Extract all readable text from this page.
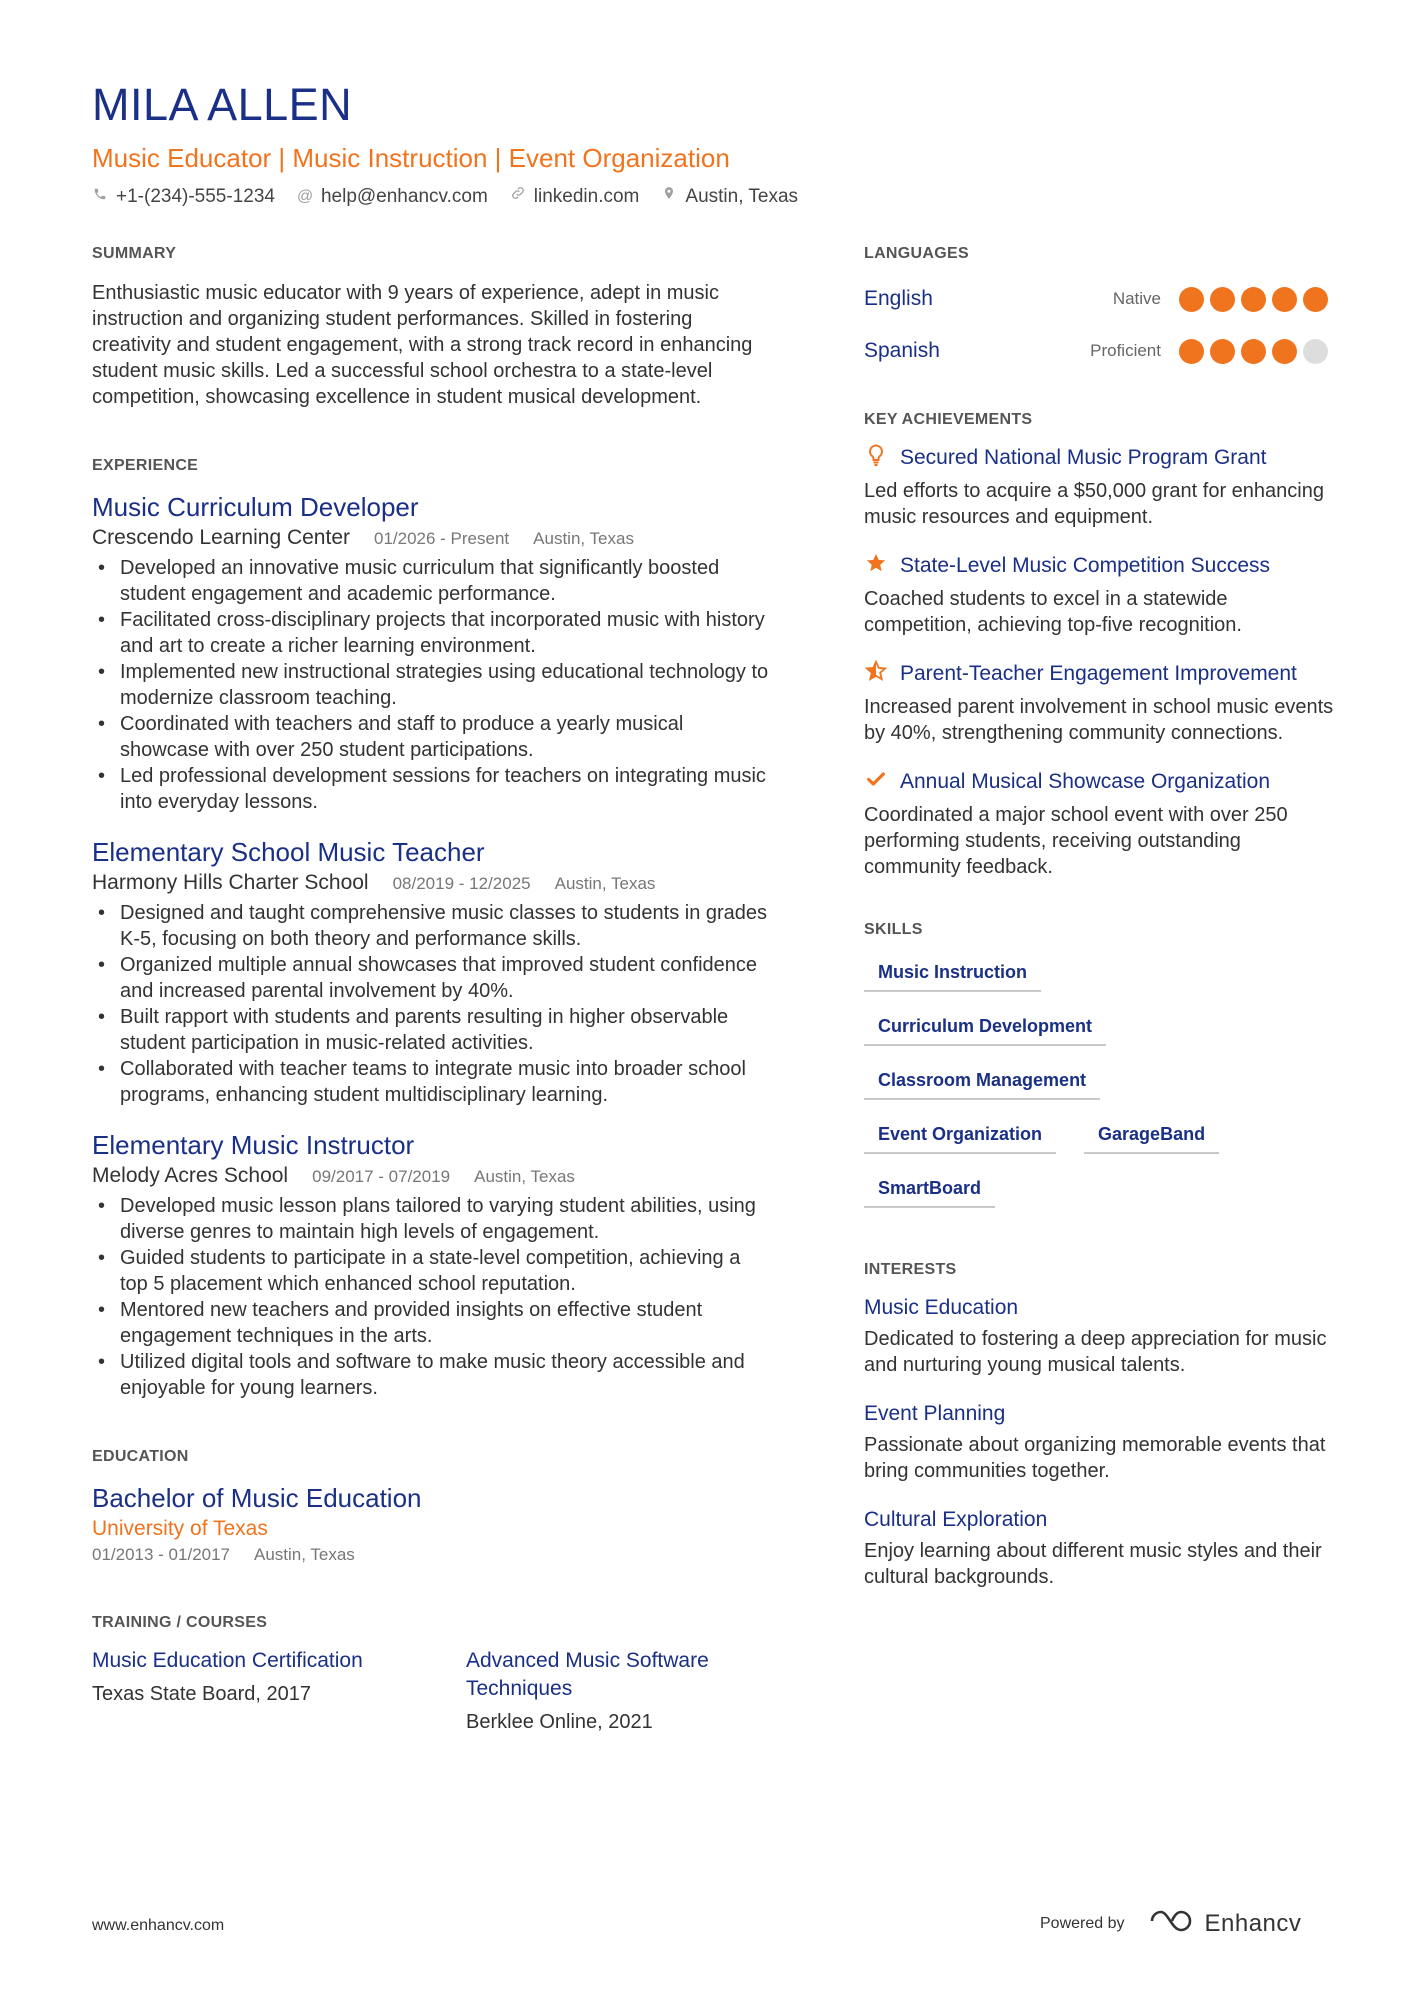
MILA ALLEN
Music Educator | Music Instruction | Event Organization
+1-(234)-555-1234 @ help@enhancv.com linkedin.com Austin, Texas
SUMMARY

Enthusiastic music educator with 9 years of experience, adept in music instruction and organizing student performances. Skilled in fostering creativity and student engagement, with a strong track record in enhancing student music skills. Led a successful school orchestra to a state-level competition, showcasing excellence in student musical development.

EXPERIENCE
Music Curriculum Developer
Crescendo Learning Center 01/2026 - Present Austin, Texas
• Developed an innovative music curriculum that significantly boosted student engagement and academic performance.
• Facilitated cross-disciplinary projects that incorporated music with history and art to create a richer learning environment.
• Implemented new instructional strategies using educational technology to modernize classroom teaching.
• Coordinated with teachers and staff to produce a yearly musical showcase with over 250 student participations.
• Led professional development sessions for teachers on integrating music into everyday lessons.
Elementary School Music Teacher
Harmony Hills Charter School 08/2019 - 12/2025 Austin, Texas
• Designed and taught comprehensive music classes to students in grades K-5, focusing on both theory and performance skills.
• Organized multiple annual showcases that improved student confidence and increased parental involvement by 40%.
• Built rapport with students and parents resulting in higher observable student participation in music-related activities.
• Collaborated with teacher teams to integrate music into broader school programs, enhancing student multidisciplinary learning.
Elementary Music Instructor
Melody Acres School 09/2017 - 07/2019 Austin, Texas
• Developed music lesson plans tailored to varying student abilities, using diverse genres to maintain high levels of engagement.
• Guided students to participate in a state-level competition, achieving a top 5 placement which enhanced school reputation.
• Mentored new teachers and provided insights on effective student engagement techniques in the arts.
• Utilized digital tools and software to make music theory accessible and enjoyable for young learners.
EDUCATION
Bachelor of Music Education
University of Texas
01/2013 - 01/2017 Austin, Texas
TRAINING / COURSES
Music Education Certification
Texas State Board, 2017
Advanced Music Software Techniques
Berklee Online, 2021
LANGUAGES
English	Native
Spanish	Proficient
KEY ACHIEVEMENTS
Secured National Music Program Grant
Led efforts to acquire a $50,000 grant for enhancing music resources and equipment.
State-Level Music Competition Success
Coached students to excel in a statewide competition, achieving top-five recognition.
Parent-Teacher Engagement Improvement
Increased parent involvement in school music events by 40%, strengthening community connections.
Annual Musical Showcase Organization
Coordinated a major school event with over 250 performing students, receiving outstanding community feedback.
SKILLS
Music Instruction
Curriculum Development
Classroom Management
Event Organization	GarageBand
SmartBoard
INTERESTS
Music Education
Dedicated to fostering a deep appreciation for music and nurturing young musical talents.
Event Planning
Passionate about organizing memorable events that bring communities together.
Cultural Exploration
Enjoy learning about different music styles and their cultural backgrounds.
www.enhancv.com	Powered by	Enhancv
